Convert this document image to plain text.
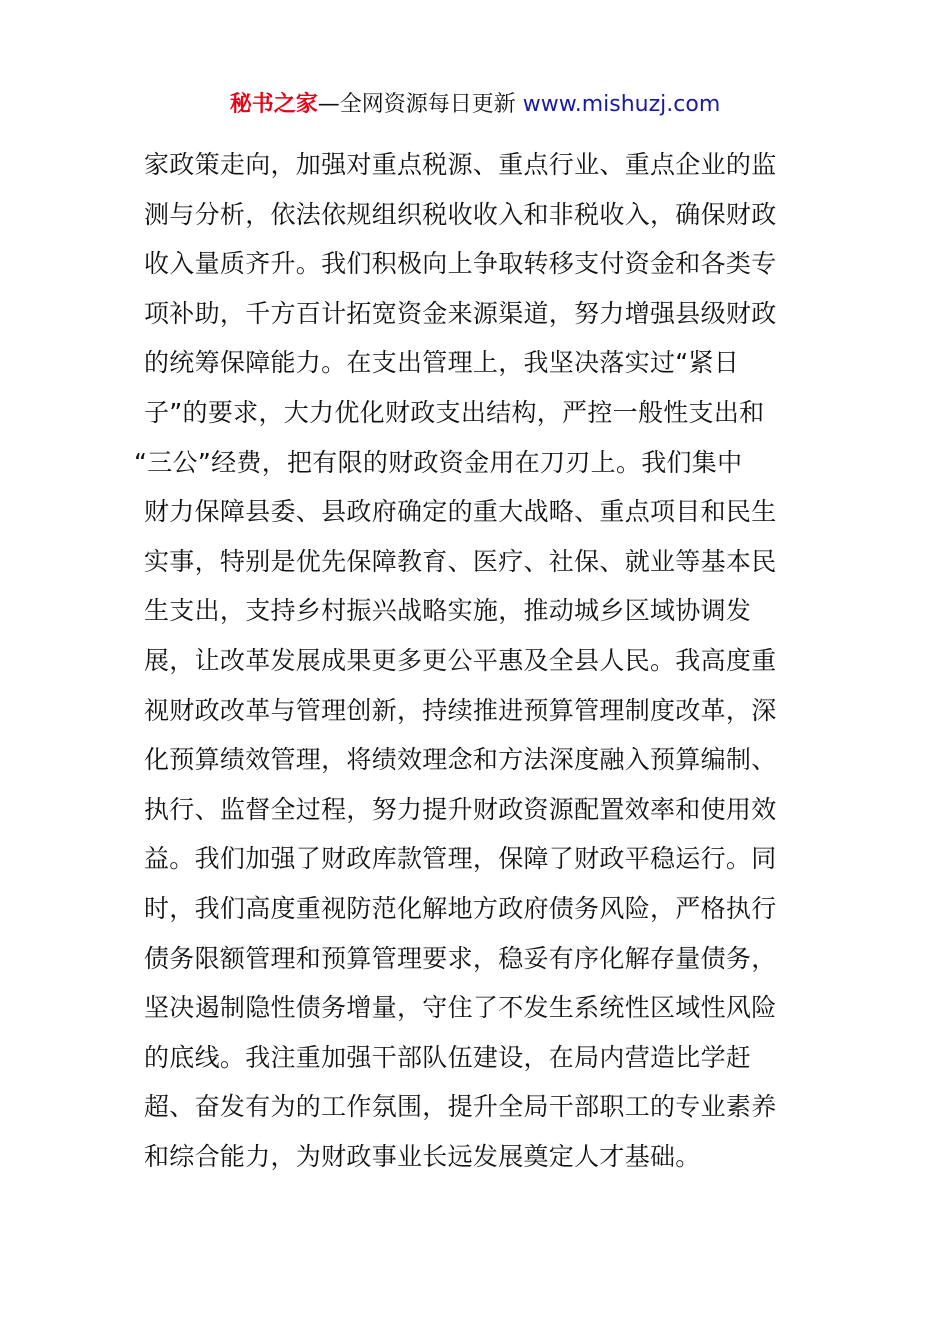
秘书之家—全网资源每日更新 www.mishuzj.com
家政策走向，加强对重点税源、重点行业、重点企业的监
测与分析，依法依规组织税收收入和非税收入，确保财政
收入量质齐升。我们积极向上争取转移支付资金和各类专
项补助，千方百计拓宽资金来源渠道，努力增强县级财政
的统筹保障能力。在支出管理上，我坚决落实过“紧日
子”的要求，大力优化财政支出结构，严控一般性支出和
“三公”经费，把有限的财政资金用在刀刃上。我们集中
财力保障县委、县政府确定的重大战略、重点项目和民生
实事，特别是优先保障教育、医疗、社保、就业等基本民
生支出，支持乡村振兴战略实施，推动城乡区域协调发
展，让改革发展成果更多更公平惠及全县人民。我高度重
视财政改革与管理创新，持续推进预算管理制度改革，深
化预算绩效管理，将绩效理念和方法深度融入预算编制、
执行、监督全过程，努力提升财政资源配置效率和使用效
益。我们加强了财政库款管理，保障了财政平稳运行。同
时，我们高度重视防范化解地方政府债务风险，严格执行
债务限额管理和预算管理要求，稳妥有序化解存量债务，
坚决遏制隐性债务增量，守住了不发生系统性区域性风险
的底线。我注重加强干部队伍建设，在局内营造比学赶
超、奋发有为的工作氛围，提升全局干部职工的专业素养
和综合能力，为财政事业长远发展奠定人才基础。
